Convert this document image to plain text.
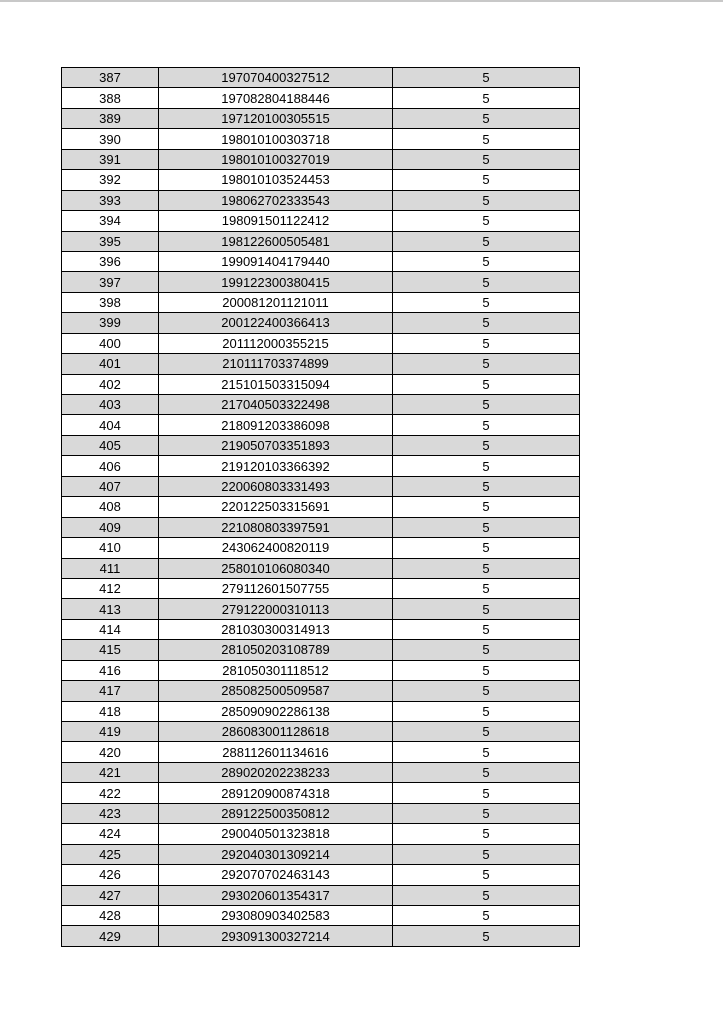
387	197070400327512	5
388	197082804188446	5
389	197120100305515	5
390	198010100303718	5
391	198010100327019	5
392	198010103524453	5
393	198062702333543	5
394	198091501122412	5
395	198122600505481	5
396	199091404179440	5
397	199122300380415	5
398	200081201121011	5
399	200122400366413	5
400	201112000355215	5
401	210111703374899	5
402	215101503315094	5
403	217040503322498	5
404	218091203386098	5
405	219050703351893	5
406	219120103366392	5
407	220060803331493	5
408	220122503315691	5
409	221080803397591	5
410	243062400820119	5
411	258010106080340	5
412	279112601507755	5
413	279122000310113	5
414	281030300314913	5
415	281050203108789	5
416	281050301118512	5
417	285082500509587	5
418	285090902286138	5
419	286083001128618	5
420	288112601134616	5
421	289020202238233	5
422	289120900874318	5
423	289122500350812	5
424	290040501323818	5
425	292040301309214	5
426	292070702463143	5
427	293020601354317	5
428	293080903402583	5
429	293091300327214	5
